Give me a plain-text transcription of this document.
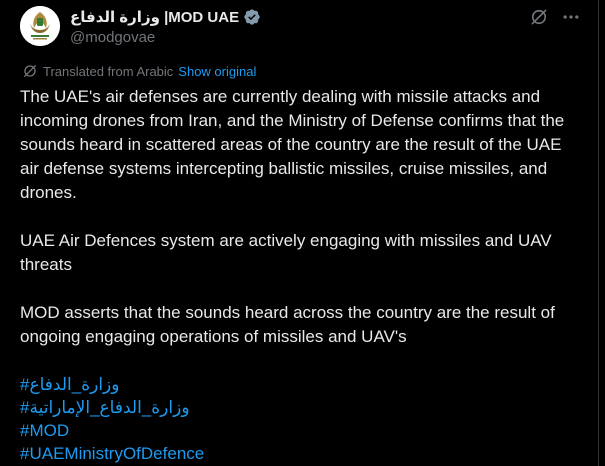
وزارة الدفاع |MOD UAE
@modgovae
Translated from Arabic Show original

The UAE's air defenses are currently dealing with missile attacks and incoming drones from Iran, and the Ministry of Defense confirms that the sounds heard in scattered areas of the country are the result of the UAE air defense systems intercepting ballistic missiles, cruise missiles, and drones.

UAE Air Defences system are actively engaging with missiles and UAV threats

MOD asserts that the sounds heard across the country are the result of ongoing engaging operations of missiles and UAV's

#وزارة_الدفاع
#وزارة_الدفاع_الإماراتية
#MOD
#UAEMinistryOfDefence
